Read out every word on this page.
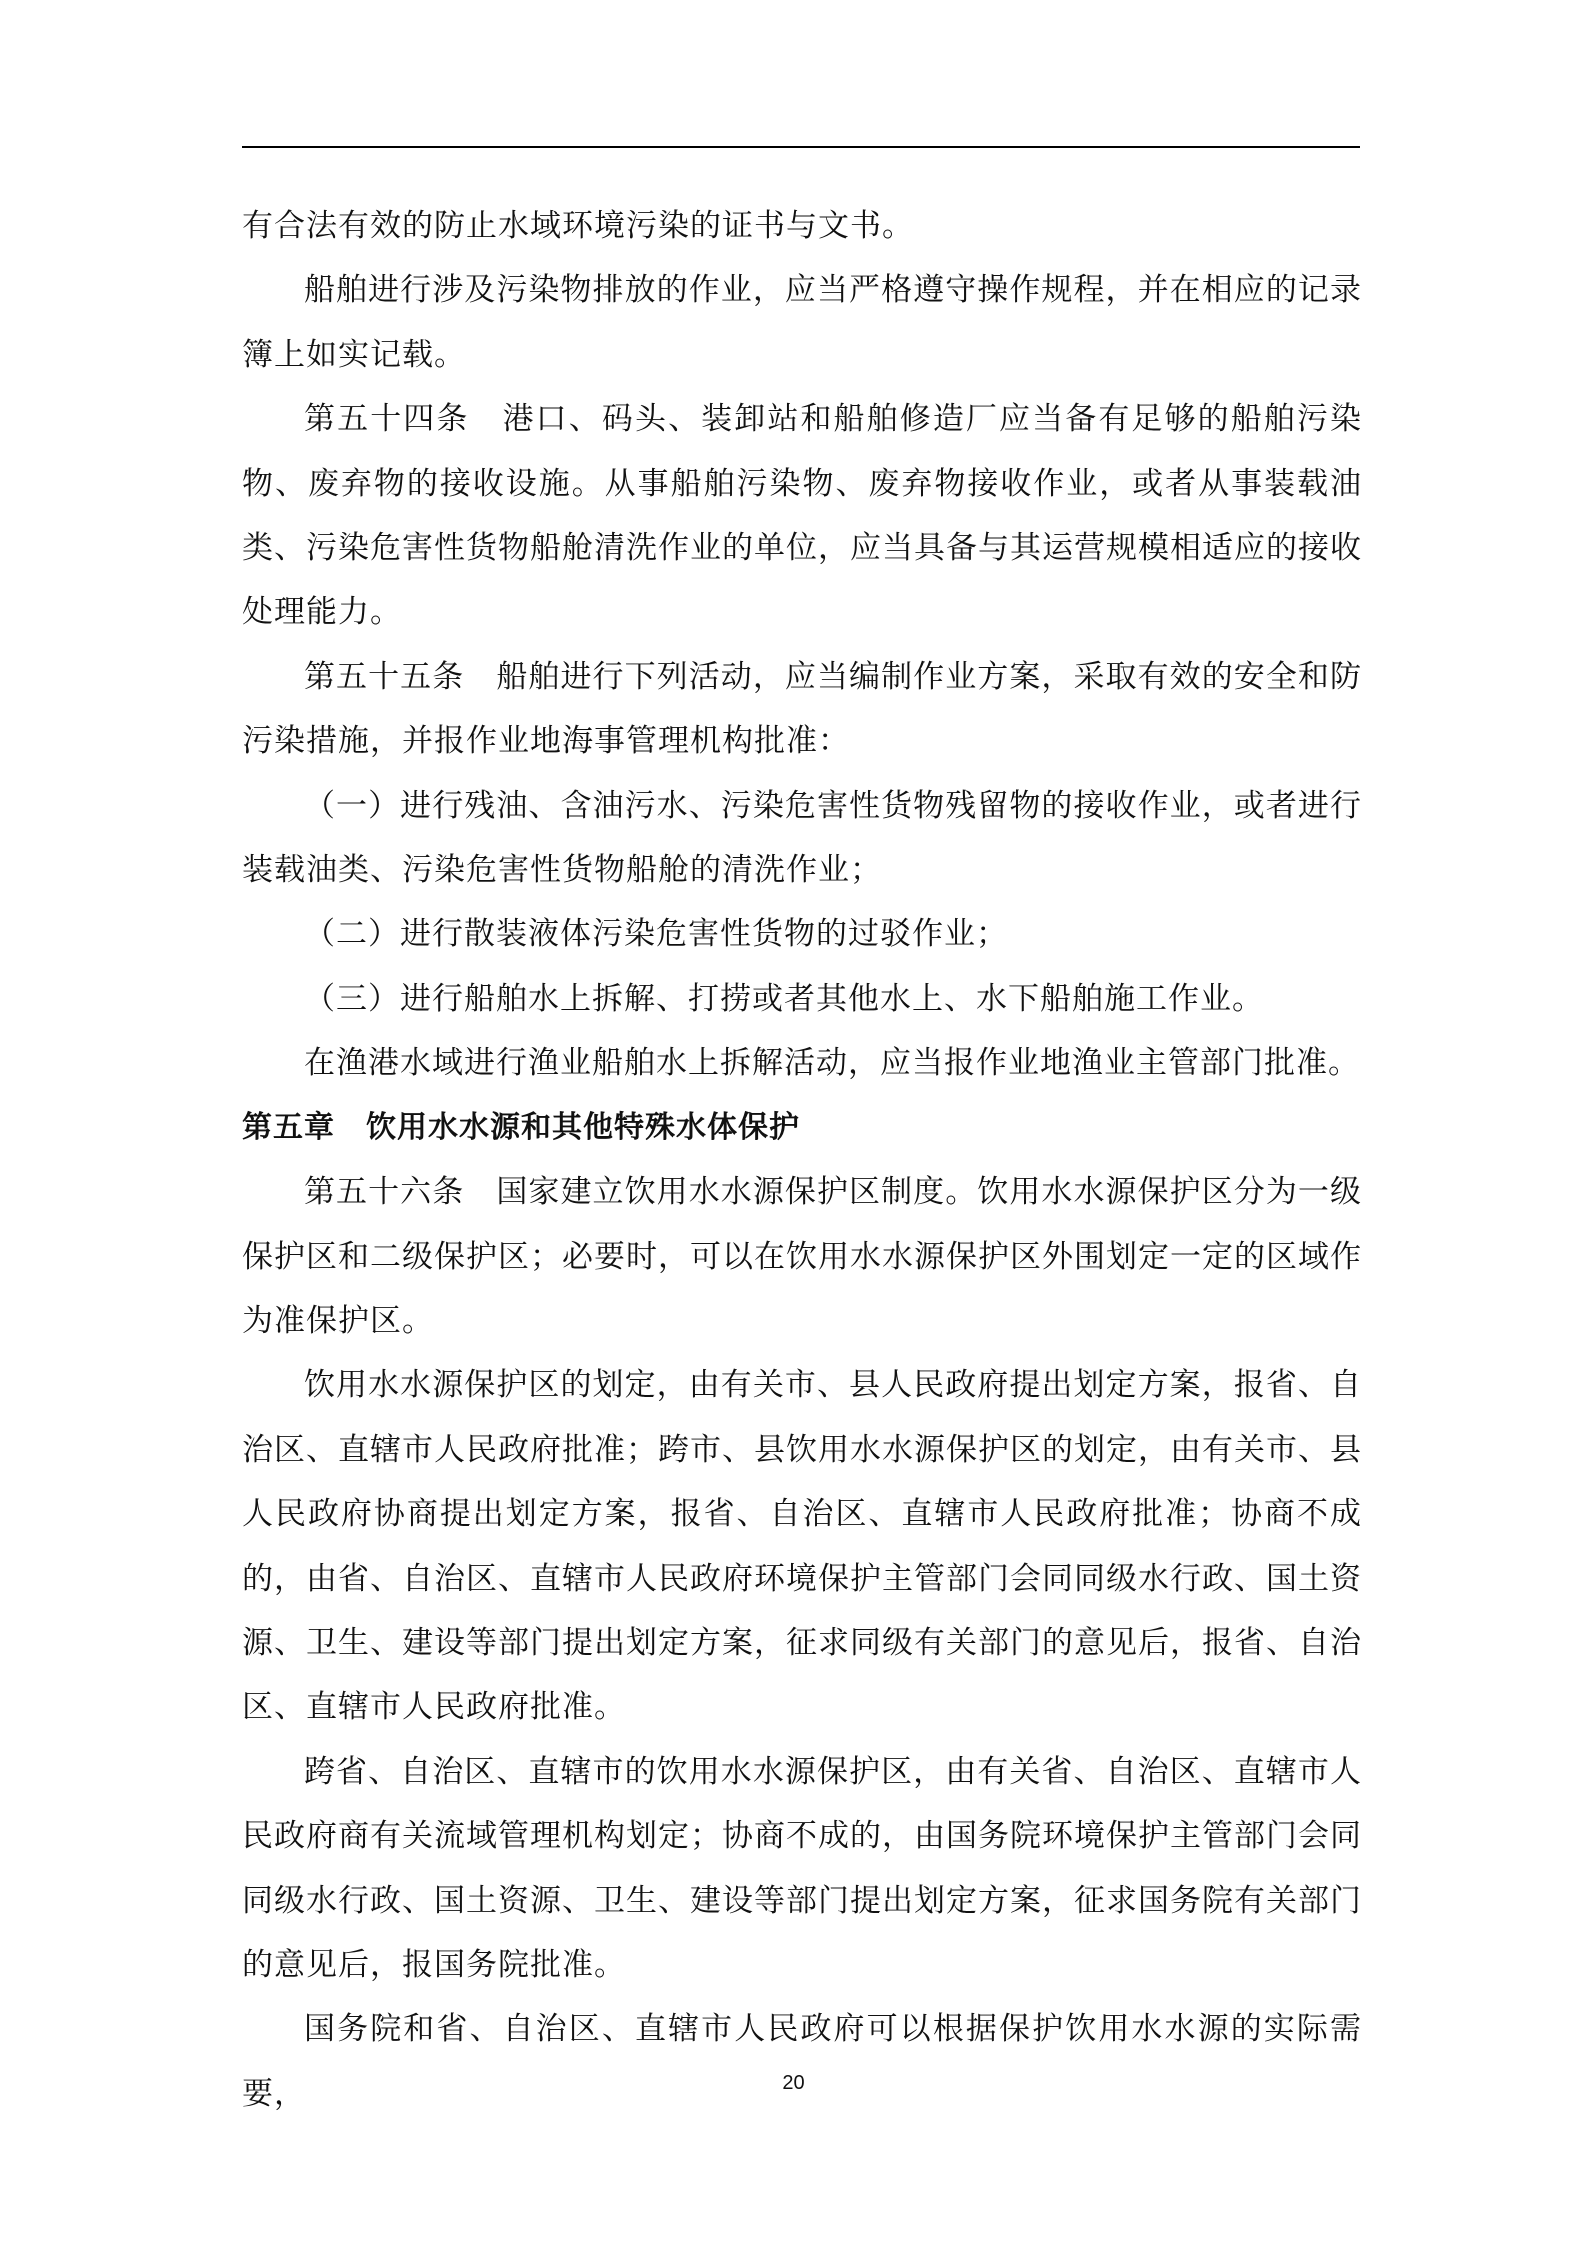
有合法有效的防止水域环境污染的证书与文书。

船舶进行涉及污染物排放的作业，应当严格遵守操作规程，并在相应的记录簿上如实记载。

第五十四条　港口、码头、装卸站和船舶修造厂应当备有足够的船舶污染物、废弃物的接收设施。从事船舶污染物、废弃物接收作业，或者从事装载油类、污染危害性货物船舱清洗作业的单位，应当具备与其运营规模相适应的接收处理能力。

第五十五条　船舶进行下列活动，应当编制作业方案，采取有效的安全和防污染措施，并报作业地海事管理机构批准：

（一）进行残油、含油污水、污染危害性货物残留物的接收作业，或者进行装载油类、污染危害性货物船舱的清洗作业；

（二）进行散装液体污染危害性货物的过驳作业；

（三）进行船舶水上拆解、打捞或者其他水上、水下船舶施工作业。

在渔港水域进行渔业船舶水上拆解活动，应当报作业地渔业主管部门批准。

第五章　饮用水水源和其他特殊水体保护

第五十六条　国家建立饮用水水源保护区制度。饮用水水源保护区分为一级保护区和二级保护区；必要时，可以在饮用水水源保护区外围划定一定的区域作为准保护区。

饮用水水源保护区的划定，由有关市、县人民政府提出划定方案，报省、自治区、直辖市人民政府批准；跨市、县饮用水水源保护区的划定，由有关市、县人民政府协商提出划定方案，报省、自治区、直辖市人民政府批准；协商不成的，由省、自治区、直辖市人民政府环境保护主管部门会同同级水行政、国土资源、卫生、建设等部门提出划定方案，征求同级有关部门的意见后，报省、自治区、直辖市人民政府批准。

跨省、自治区、直辖市的饮用水水源保护区，由有关省、自治区、直辖市人民政府商有关流域管理机构划定；协商不成的，由国务院环境保护主管部门会同同级水行政、国土资源、卫生、建设等部门提出划定方案，征求国务院有关部门的意见后，报国务院批准。

国务院和省、自治区、直辖市人民政府可以根据保护饮用水水源的实际需要，	20
